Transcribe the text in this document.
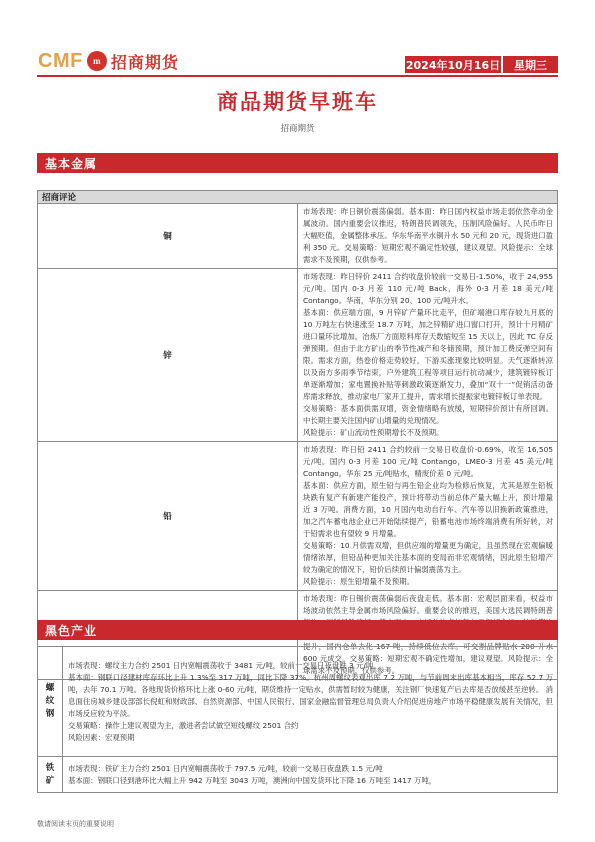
CMF	m 招商期货	2024年10月16日	星期三
商品期货早班车
招商期货
基本金属
招商评论	
铜	市场表现：昨日铜价震荡偏弱。基本面：昨日国内权益市场走弱依然牵动金属波动。国内重要会议推迟，特朗普民调领先，压制风险偏好。人民币昨日大幅贬值，金属整体承压。华东华南平水铜升水 50 元和 20 元，现货进口盈利 350 元。交易策略：短期宏观不确定性较强，建议观望。风险提示：全球需求不及预期，仅供参考。

锌	市场表现：昨日锌价 2411 合约收盘价较前一交易日-1.50%，收于 24,955 元/吨。国内 0-3 月差 110 元/吨 Back，海外 0-3 月差 18 美元/吨 Contango。华南，华东分别 20、100 元/吨升水。

基本面：供应端方面，9 月锌矿产量环比走平，但矿端港口库存较九月底的 10 万吨左右快速涨至 18.7 万吨，加之锌精矿进口窗口打开，预计十月精矿进口量环比增加。冶炼厂方面原料库存天数缩短至 15 天以上，因此 TC 存反弹预期。但由于北方矿山的季节性减产和冬储预期，预计加工费反弹空间有限。需求方面，热卷价格走势较好，下游买涨现象比较明显。天气逐渐转凉以及南方多雨季节结束，户外建筑工程等项目运行抗动减少，建筑镀锌板订单逐渐增加；家电置换补贴等刺激政策逐渐发力，叠加“双十一”促销活动备库需求释放，推动家电厂家开工提升，需求增长提振家电镀锌板订单表现。

交易策略：基本面供需双增，资金情绪略有放缓，短期锌价预计有所回调。中长期主要关注国内矿山增量的兑现情况。

风险提示：矿山流动性预期增长不及预期。

铅	市场表现：昨日铅 2411 合约较前一交易日收盘价-0.69%，收至 16,505 元/吨。国内 0-3 月差 100 元/吨 Contango，LME0-3 月差 45 美元/吨 Contango。华东 25 元/吨贴水，精废价差 0 元/吨。

基本面：供应方面，原生铅与再生铅企业均为检修后恢复，尤其是原生铅板块跌有复产有新建产能投产，预计将带动当前总体产量大幅上升，预计增量近 3 万吨。消费方面，10 月国内电动自行车、汽车等以旧换新政策推进，加之汽车蓄电池企业已开始陆续提产，铅蓄电池市场终端消费有所好转，对于铅需求也有望较 9 月增量。

交易策略：10 月供需双增，但供应端的增量更为确定，且虽然现在宏观偏暖情绪浓厚，但铅品种更加关注基本面的变局而非宏观情绪，因此原生铅增产较为确定的情况下，铅价后续预计偏弱震荡为主。

风险提示：原生铅增量不及预期。

市场表现：昨日锡价震荡偏弱后夜盘走低。基本面：宏观层面来看，权益市场波动依然主导金属市场风险偏好。重要会议的推迟，美国大选民调特朗普 提升，国内仓单去化 167 吨，持续低位去库。可交割品牌贴水 200-升水 600 元成交。交易策略：短期宏观不确定性增加，建议观望。风险提示：全球需求不及预期，仅供参考。

黑色产业
螺纹钢	市场表现：螺纹主力合约 2501 日内宽幅震荡收于 3481 元/吨，较前一交易日夜盘跌 3 元/吨

基本面：钢联口径建材库存环比上升 1.3%至 317 万吨，同比下降 37%。杭州周螺纹表观出库 7.2 万吨，与节前周末出库基本相当，库存 52.7 万吨，去年 70.1 万吨。各地现货价格环比上涨 0-60 元/吨，期货维持一定贴水，供需暂时较为健康，关注钢厂快速复产后去库是否放缓甚至逆转。 消息面住房城乡建设部部长倪虹和财政部、自然资源部、中国人民银行、国家金融监督管理总局负责人介绍促进房地产市场平稳健康发展有关情况，但市场反应较为平淡。

交易策略：操作上建议观望为主，激进者尝试做空短线螺纹 2501 合约

风险因素：宏观预期

铁矿	市场表现：铁矿主力合约 2501 日内宽幅震荡收于 797.5 元/吨，较前一交易日夜盘跌 1.5 元/吨

基本面：钢联口径到港环比大幅上升 942 万吨至 3043 万吨，澳洲向中国发货环比下降 16 万吨至 1417 万吨，

敬请阅读末页的重要说明
